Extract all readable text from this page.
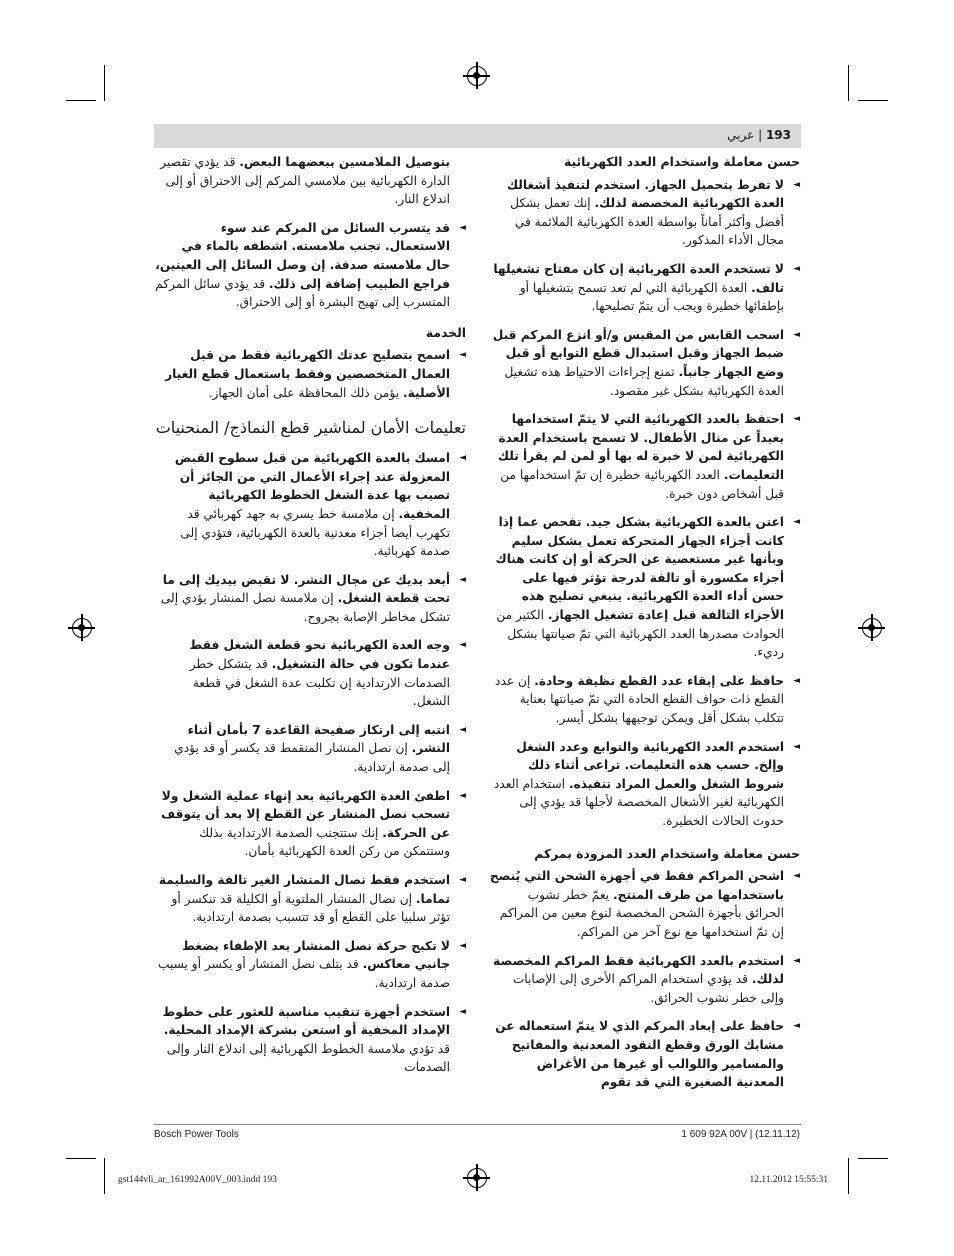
193 | عربي
حسن معاملة واستخدام العدد الكهربائية
◄ لا تفرط بتحميل الجهاز. استخدم لتنفيذ أشغالك العدة الكهربائية المخصصة لذلك. إنك تعمل بشكل أفضل وأكثر أماناً بواسطة العدة الكهربائية الملائمة في مجال الأداء المذكور.
◄ لا تستخدم العدة الكهربائية إن كان مفتاح تشغيلها تالف. العدة الكهربائية التي لم تعد تسمح بتشغيلها أو بإطفائها خطيرة ويجب أن يتمّ تصليحها.
◄ اسحب القابس من المقبس و/أو انزع المركم قبل ضبط الجهاز وقبل استبدال قطع التوابع أو قبل وضع الجهاز جانباً. تمنع إجراءات الاحتياط هذه تشغيل العدة الكهربائية بشكل غير مقصود.
◄ احتفظ بالعدد الكهربائية التي لا يتمّ استخدامها بعيداً عن منال الأطفال. لا تسمح باستخدام العدة الكهربائية لمن لا خبرة له بها أو لمن لم يقرأ تلك التعليمات. العدد الكهربائية خطيرة إن تمّ استخدامها من قبل أشخاص دون خبرة.
◄ اعتن بالعدة الكهربائية بشكل جيد. تفحص عما إذا كانت أجزاء الجهاز المتحركة تعمل بشكل سليم وبأنها غير مستعصية عن الحركة أو إن كانت هناك أجزاء مكسورة أو تالفة لدرجة تؤثر فيها على حسن أداء العدة الكهربائية. ينبغي تصليح هذه الأجزاء التالفة قبل إعادة تشغيل الجهاز. الكثير من الحوادث مصدرها العدد الكهربائية التي تمّ صيانتها بشكل رديء.
◄ حافظ على إبقاء عدد القطع نظيفة وحادة. إن عدد القطع ذات حواف القطع الحادة التي تمّ صيانتها بعناية تتكلب بشكل أقل ويمكن توجيهها بشكل أيسر.
◄ استخدم العدد الكهربائية والتوابع وعدد الشغل وإلخ. حسب هذه التعليمات. تراعى أثناء ذلك شروط الشغل والعمل المراد تنفيذه. استخدام العدد الكهربائية لغير الأشغال المخصصة لأجلها قد يؤدي إلى حدوث الحالات الخطيرة.
حسن معاملة واستخدام العدد المزودة بمركم
◄ اشحن المراكم فقط في أجهزة الشحن التي يُنصح باستخدامها من طرف المنتج. يعمّ خطر نشوب الحرائق بأجهزة الشحن المخصصة لنوع معين من المراكم إن تمّ استخدامها مع نوع آخر من المراكم.
◄ استخدم بالعدد الكهربائية فقط المراكم المخصصة لذلك. قد يؤدي استخدام المراكم الأخرى إلى الإصابات وإلى خطر نشوب الحرائق.
◄ حافظ على إبعاد المركم الذي لا يتمّ استعماله عن مشابك الورق وقطع النقود المعدنية والمفاتيح والمسامير واللوالب أو غيرها من الأغراض المعدنية الصغيرة التي قد تقوم
بتوصيل الملامسين ببعضهما البعض. قد يؤدي تقصير الدارة الكهربائية بين ملامسي المركم إلى الاحتراق أو إلى اندلاع النار.
◄ قد يتسرب السائل من المركم عند سوء الاستعمال. تجنب ملامسته. اشطفه بالماء في حال ملامسته صدفة. إن وصل السائل إلى العينين، فراجع الطبيب إضافة إلى ذلك. قد يؤدي سائل المركم المتسرب إلى تهيج البشرة أو إلى الاحتراق.
الخدمة
◄ اسمح بتصليح عدتك الكهربائية فقط من قبل العمال المتخصصين وفقط باستعمال قطع الغيار الأصلية. يؤمن ذلك المحافظة على أمان الجهاز.
تعليمات الأمان لمناشير قطع النماذج/ المنحنيات
◄ امسك بالعدة الكهربائية من قبل سطوح القبض المعزولة عند إجراء الأعمال التي من الجائز أن تصيب بها عدة الشغل الخطوط الكهربائية المخفية. إن ملامسة خط يسري به جهد كهربائي قد تكهرب أيضا أجزاء معدنية بالعدة الكهربائية، فتؤدي إلى صدمة كهربائية.
◄ أبعد يديك عن مجال النشر. لا تقبض بيديك إلى ما تحت قطعة الشغل. إن ملامسة نصل المنشار يؤدي إلى تشكل مخاطر الإصابة بجروح.
◄ وجه العدة الكهربائية نحو قطعة الشغل فقط عندما تكون في حالة التشغيل. قد يتشكل خطر الصدمات الارتدادية إن تكلبت عدة الشغل في قطعة الشغل.
◄ انتبه إلى ارتكاز صفيحة القاعدة 7 بأمان أثناء النشر. إن نصل المنشار المنقمط قد يكسر أو قد يؤدي إلى صدمة ارتدادية.
◄ اطفئ العدة الكهربائية بعد إنهاء عملية الشغل ولا تسحب نصل المنشار عن القطع إلا بعد أن يتوقف عن الحركة. إنك ستتجنب الصدمة الارتدادية بذلك وستتمكن من ركن العدة الكهربائية بأمان.
◄ استخدم فقط نصال المنشار الغير تالفة والسليمة تماما. إن نصال المنشار الملتوية أو الكليلة قد تنكسر أو تؤثر سلبيا على القطع أو قد تتسبب بصدمة ارتدادية.
◄ لا تكبح حركة نصل المنشار بعد الإطفاء بضغط جانبي معاكس. قد يتلف نصل المنشار أو يكسر أو يسبب صدمة ارتدادية.
◄ استخدم أجهزة تنقيب مناسبة للعثور على خطوط الإمداد المخفية أو استعن بشركة الإمداد المحلية. قد تؤدي ملامسة الخطوط الكهربائية إلى اندلاع النار وإلى الصدمات
Bosch Power Tools	1 609 92A 00V | (12.11.12)
gst144vli_ar_161992A00V_003.indd 193	12.11.2012 15:55:31
